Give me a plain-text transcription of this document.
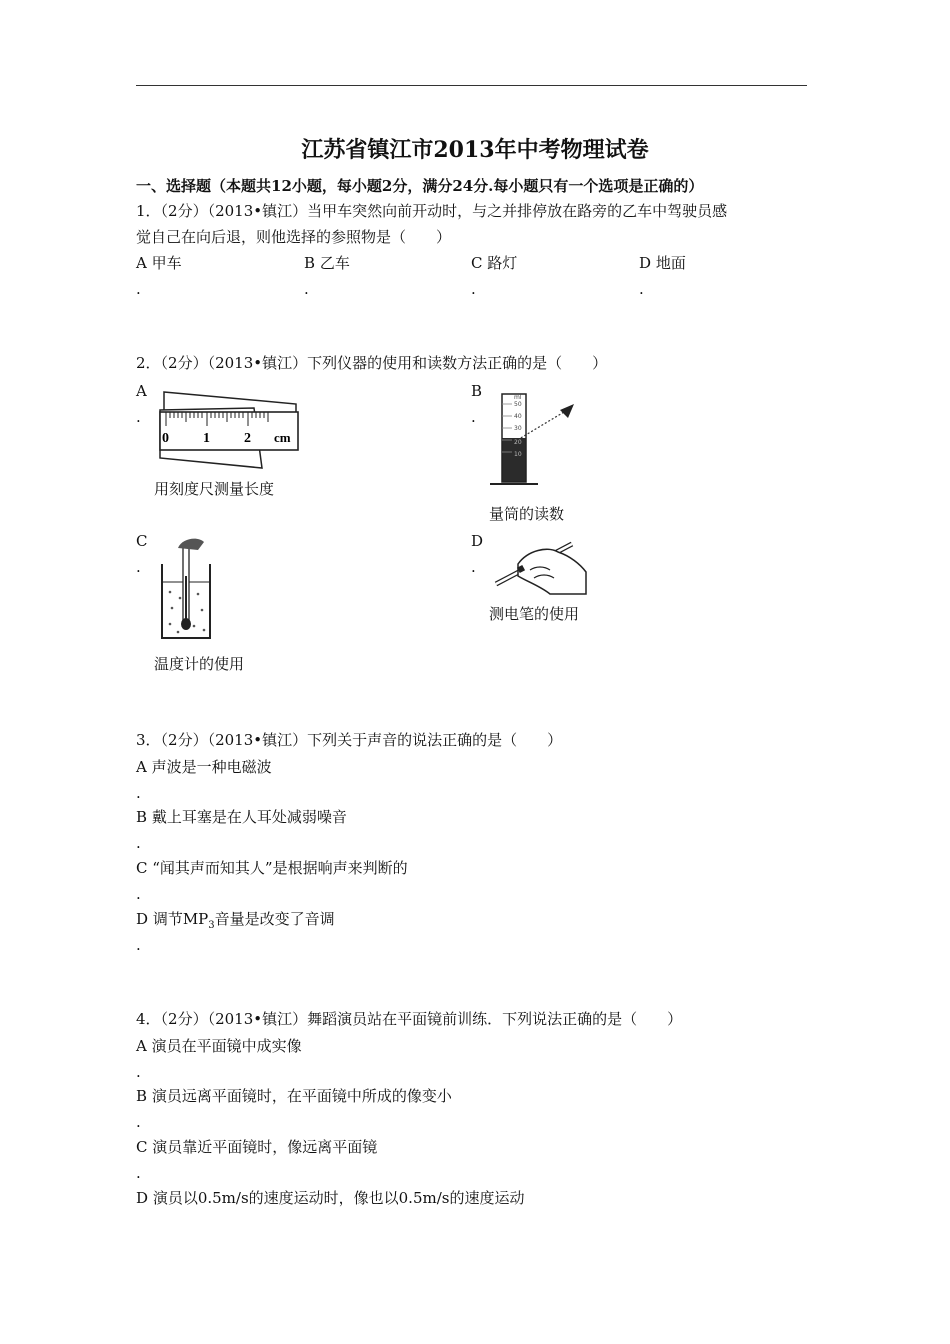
江苏省镇江市2013年中考物理试卷
一、选择题（本题共12小题，每小题2分，满分24分.每小题只有一个选项是正确的）
1．（2分）（2013•镇江）当甲车突然向前开动时，与之并排停放在路旁的乙车中驾驶员感
觉自己在向后退，则他选择的参照物是（　　）
A 甲车
.
B 乙车
.
C 路灯
.
D 地面
.
2．（2分）（2013•镇江）下列仪器的使用和读数方法正确的是（　　）
A
.
0 1 2 cm
用刻度尺测量长度
B
.
ml
50
40
30
20
10
量筒的读数
C
.
温度计的使用
D
.
测电笔的使用
3．（2分）（2013•镇江）下列关于声音的说法正确的是（　　）
A 声波是一种电磁波
.
B 戴上耳塞是在人耳处减弱噪音
.
C “闻其声而知其人”是根据响声来判断的
.
D 调节$MP_3$音量是改变了音调
.
4．（2分）（2013•镇江）舞蹈演员站在平面镜前训练．下列说法正确的是（　　）
A 演员在平面镜中成实像
.
B 演员远离平面镜时，在平面镜中所成的像变小
.
C 演员靠近平面镜时，像远离平面镜
.
D 演员以0.5m/s的速度运动时，像也以0.5m/s的速度运动
